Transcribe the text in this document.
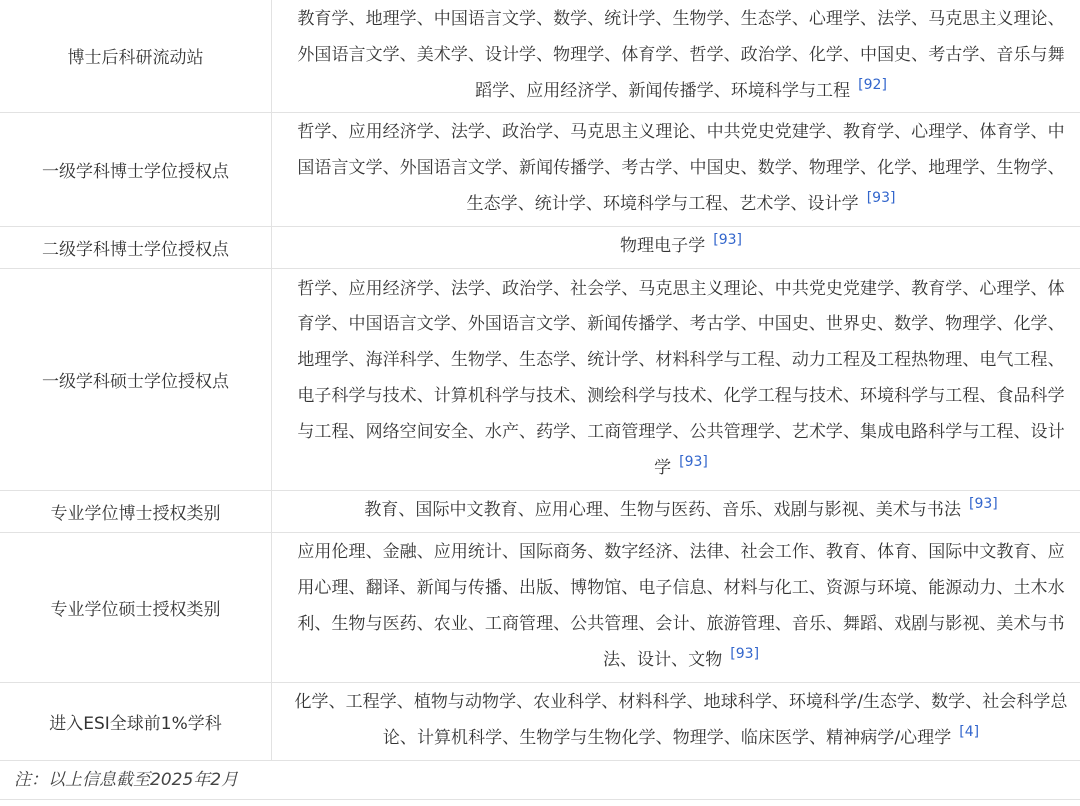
博士后科研流动站	教育学、地理学、中国语言文学、数学、统计学、生物学、生态学、心理学、法学、马克思主义理论、外国语言文学、美术学、设计学、物理学、体育学、哲学、政治学、化学、中国史、考古学、音乐与舞蹈学、应用经济学、新闻传播学、环境科学与工程 [92]
一级学科博士学位授权点	哲学、应用经济学、法学、政治学、马克思主义理论、中共党史党建学、教育学、心理学、体育学、中国语言文学、外国语言文学、新闻传播学、考古学、中国史、数学、物理学、化学、地理学、生物学、生态学、统计学、环境科学与工程、艺术学、设计学 [93]
二级学科博士学位授权点	物理电子学 [93]
一级学科硕士学位授权点	哲学、应用经济学、法学、政治学、社会学、马克思主义理论、中共党史党建学、教育学、心理学、体育学、中国语言文学、外国语言文学、新闻传播学、考古学、中国史、世界史、数学、物理学、化学、地理学、海洋科学、生物学、生态学、统计学、材料科学与工程、动力工程及工程热物理、电气工程、电子科学与技术、计算机科学与技术、测绘科学与技术、化学工程与技术、环境科学与工程、食品科学与工程、网络空间安全、水产、药学、工商管理学、公共管理学、艺术学、集成电路科学与工程、设计学 [93]
专业学位博士授权类别	教育、国际中文教育、应用心理、生物与医药、音乐、戏剧与影视、美术与书法 [93]
专业学位硕士授权类别	应用伦理、金融、应用统计、国际商务、数字经济、法律、社会工作、教育、体育、国际中文教育、应用心理、翻译、新闻与传播、出版、博物馆、电子信息、材料与化工、资源与环境、能源动力、土木水利、生物与医药、农业、工商管理、公共管理、会计、旅游管理、音乐、舞蹈、戏剧与影视、美术与书法、设计、文物 [93]
进入ESI全球前1%学科	化学、工程学、植物与动物学、农业科学、材料科学、地球科学、环境科学/生态学、数学、社会科学总论、计算机科学、生物学与生物化学、物理学、临床医学、精神病学/心理学 [4]
注：以上信息截至2025年2月
